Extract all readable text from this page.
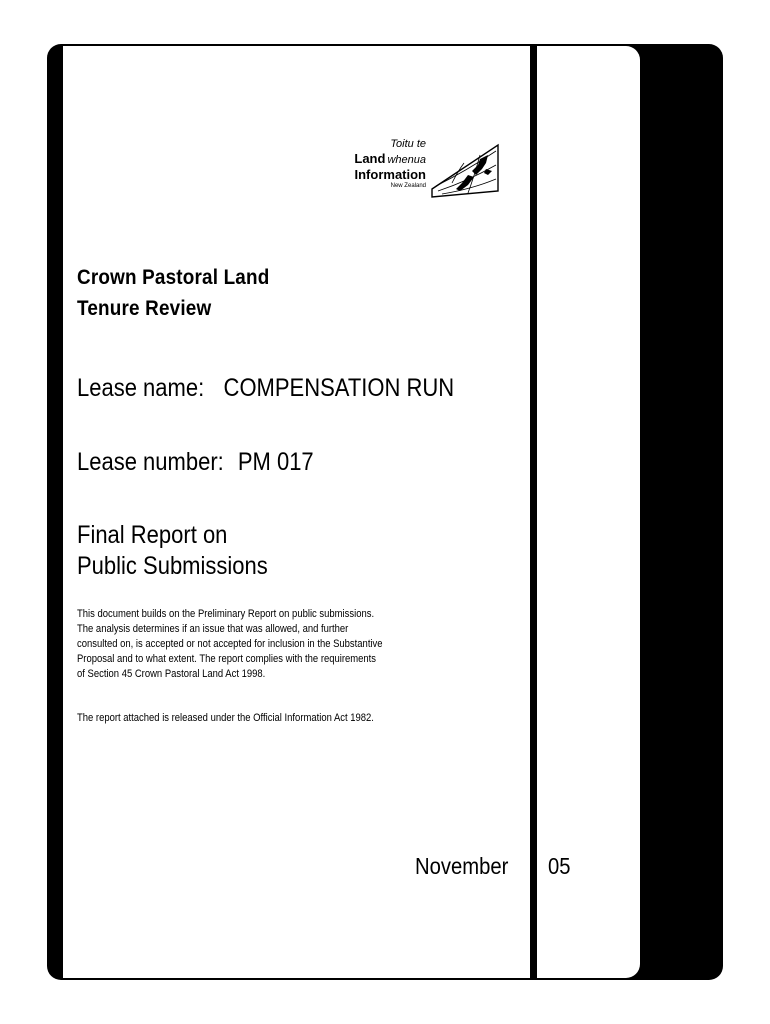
Toitu te
Land whenua
Information
New Zealand
Crown Pastoral Land
Tenure Review
Lease name: COMPENSATION RUN
Lease number: PM 017
Final Report on
Public Submissions
This document builds on the Preliminary Report on public submissions.
The analysis determines if an issue that was allowed, and further
consulted on, is accepted or not accepted for inclusion in the Substantive
Proposal and to what extent. The report complies with the requirements
of Section 45 Crown Pastoral Land Act 1998.
The report attached is released under the Official Information Act 1982.
November 05
